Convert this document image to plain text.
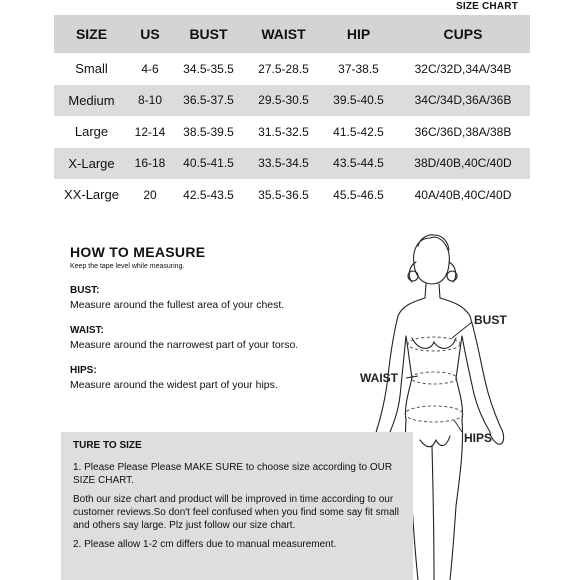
SIZE CHART
SIZE	US	BUST	WAIST	HIP	CUPS
Small	4-6	34.5-35.5	27.5-28.5	37-38.5	32C/32D,34A/34B
Medium	8-10	36.5-37.5	29.5-30.5	39.5-40.5	34C/34D,36A/36B
Large	12-14	38.5-39.5	31.5-32.5	41.5-42.5	36C/36D,38A/38B
X-Large	16-18	40.5-41.5	33.5-34.5	43.5-44.5	38D/40B,40C/40D
XX-Large	20	42.5-43.5	35.5-36.5	45.5-46.5	40A/40B,40C/40D
HOW TO MEASURE
Keep the tape level while measuring.
BUST:
Measure around the fullest area of your chest.
WAIST:
Measure around the narrowest part of your torso.
HIPS:
Measure around the widest part of your hips.
BUST
WAIST
HIPS
TURE TO SIZE

1. Please Please Please MAKE SURE to choose size according to OUR SIZE CHART.

Both our size chart and product will be improved in time according to our customer reviews.So don't feel confused when you find some say fit small and others say large. Plz just follow our size chart.

2. Please allow 1-2 cm differs due to manual measurement.
